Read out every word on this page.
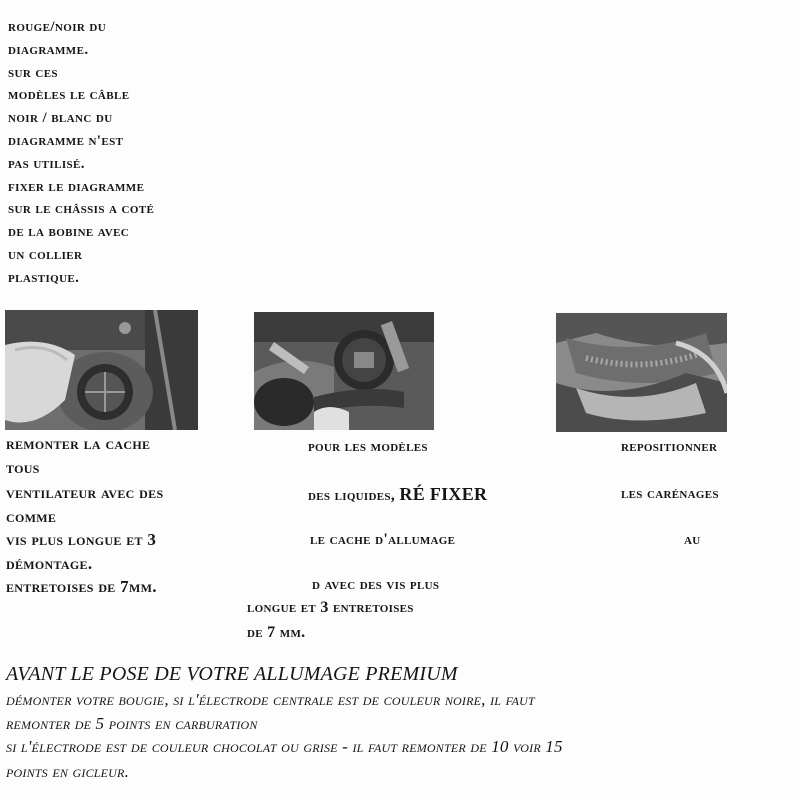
rouge/noir du
diagramme.
sur ces
modèles le câble
noir / blanc du
diagramme n'est
pas utilisé.
fixer le diagramme
sur le châssis a coté
de la bobine avec
un collier
plastique.
remonter la cache
tous
ventilateur avec des
comme
vis plus longue et 3
démontage.
entretoises de 7mm.
pour les modèles
des liquides, RÉ FIXER
le cache d'allumage
d avec des vis plus
longue et 3 entretoises
de 7 mm.
repositionner
les carénages
au
AVANT LE POSE DE VOTRE ALLUMAGE PREMIUM
démonter votre bougie, si l'électrode centrale est de couleur noire, il faut
remonter de 5 points en carburation
si l'électrode est de couleur chocolat ou grise - il faut remonter de 10 voir 15
points en gicleur.
